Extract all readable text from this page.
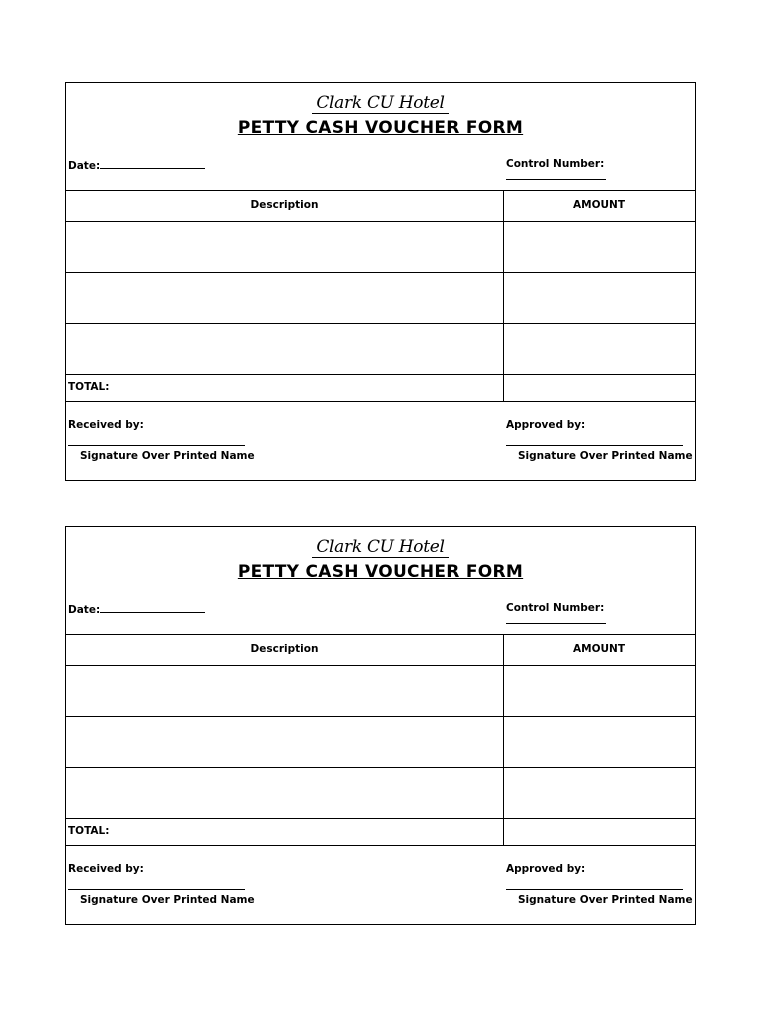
Clark CU Hotel
PETTY CASH VOUCHER FORM
Date:	Control Number:
Description	AMOUNT
TOTAL:
Received by:	Approved by:
Signature Over Printed Name	Signature Over Printed Name
Clark CU Hotel
PETTY CASH VOUCHER FORM
Date:	Control Number:
Description	AMOUNT
TOTAL:
Received by:	Approved by:
Signature Over Printed Name	Signature Over Printed Name
